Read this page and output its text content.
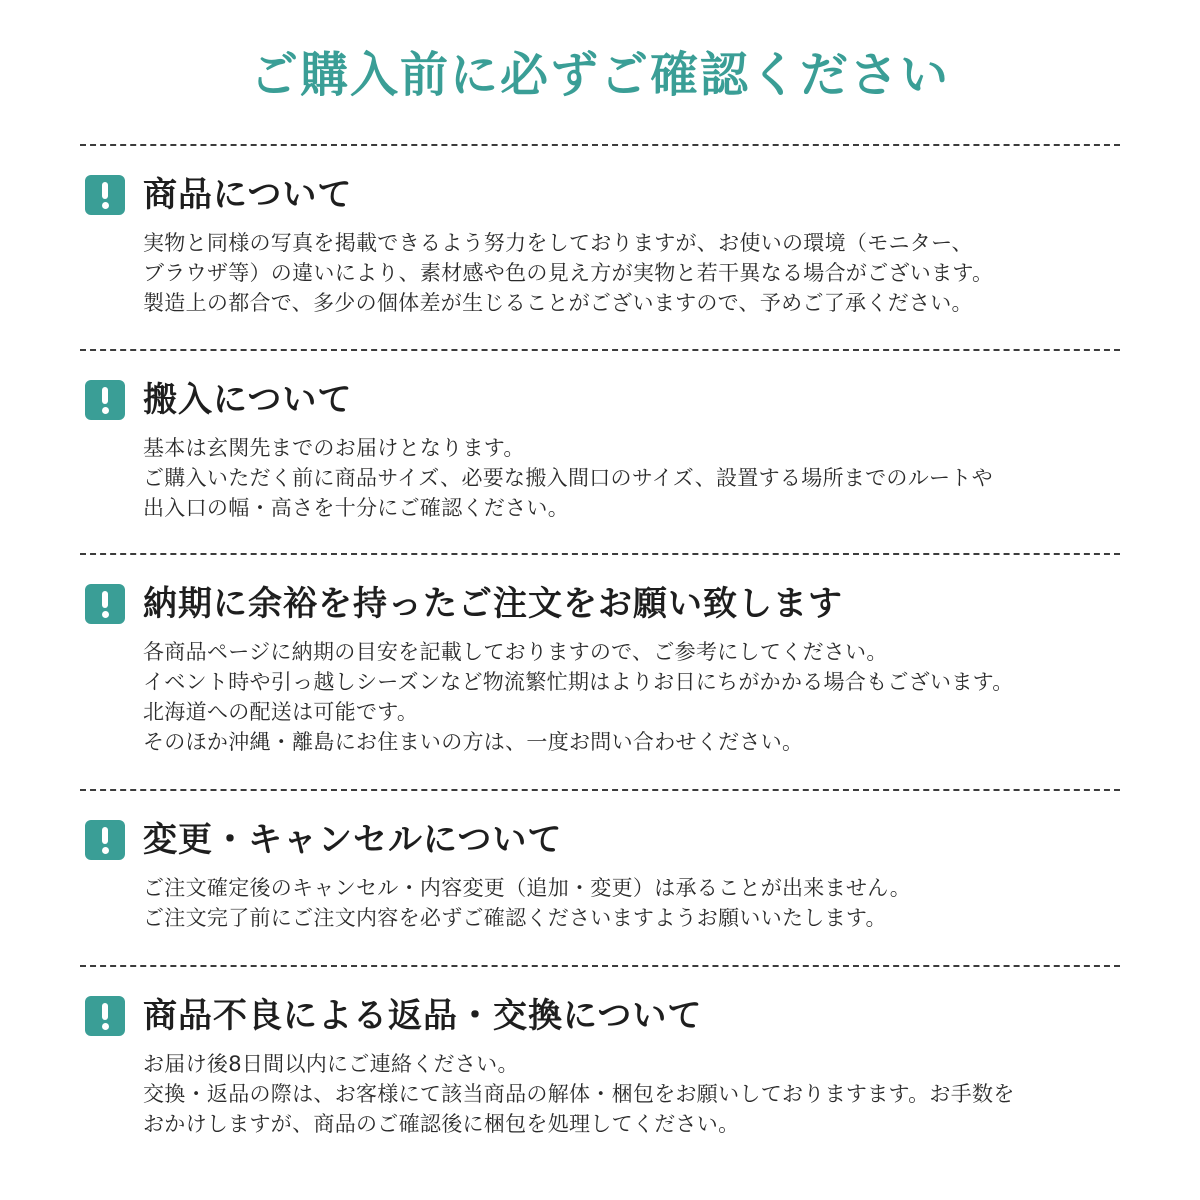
ご購入前に必ずご確認ください
商品について
実物と同様の写真を掲載できるよう努力をしておりますが、お使いの環境（モニター、
ブラウザ等）の違いにより、素材感や色の見え方が実物と若干異なる場合がございます。
製造上の都合で、多少の個体差が生じることがございますので、予めご了承ください。
搬入について
基本は玄関先までのお届けとなります。
ご購入いただく前に商品サイズ、必要な搬入間口のサイズ、設置する場所までのルートや
出入口の幅・高さを十分にご確認ください。
納期に余裕を持ったご注文をお願い致します
各商品ページに納期の目安を記載しておりますので、ご参考にしてください。
イベント時や引っ越しシーズンなど物流繁忙期はよりお日にちがかかる場合もございます。
北海道への配送は可能です。
そのほか沖縄・離島にお住まいの方は、一度お問い合わせください。
変更・キャンセルについて
ご注文確定後のキャンセル・内容変更（追加・変更）は承ることが出来ません。
ご注文完了前にご注文内容を必ずご確認くださいますようお願いいたします。
商品不良による返品・交換について
お届け後8日間以内にご連絡ください。
交換・返品の際は、お客様にて該当商品の解体・梱包をお願いしておりますます。お手数を
おかけしますが、商品のご確認後に梱包を処理してください。
